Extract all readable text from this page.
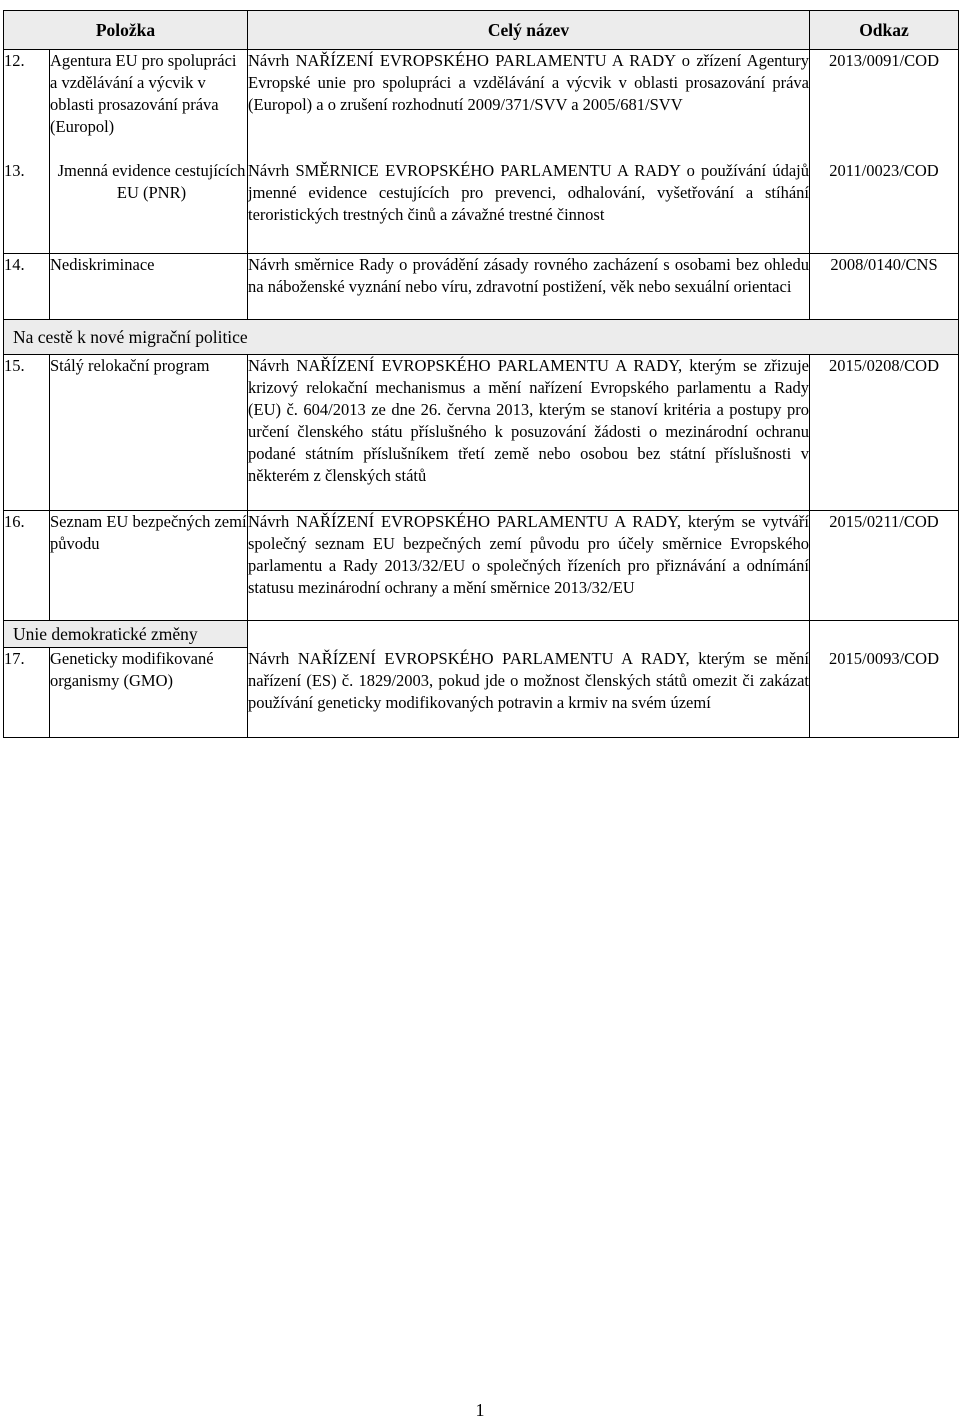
Položka		Celý název	Odkaz
12.	Agentura EU pro spolupráci a vzdělávání a výcvik v oblasti prosazování práva (Europol)	Návrh NAŘÍZENÍ EVROPSKÉHO PARLAMENTU A RADY o zřízení Agentury Evropské unie pro spolupráci a vzdělávání a výcvik v oblasti prosazování práva (Europol) a o zrušení rozhodnutí 2009/371/SVV a 2005/681/SVV	2013/0091/COD
13.	Jmenná evidence cestujících EU (PNR)	Návrh SMĚRNICE EVROPSKÉHO PARLAMENTU A RADY o používání údajů jmenné evidence cestujících pro prevenci, odhalování, vyšetřování a stíhání teroristických trestných činů a závažné trestné činnost	2011/0023/COD
14.	Nediskriminace	Návrh směrnice Rady o provádění zásady rovného zacházení s osobami bez ohledu na náboženské vyznání nebo víru, zdravotní postižení, věk nebo sexuální orientaci	2008/0140/CNS
Na cestě k nové migrační politice			
15.	Stálý relokační program	Návrh NAŘÍZENÍ EVROPSKÉHO PARLAMENTU A RADY, kterým se zřizuje krizový relokační mechanismus a mění nařízení Evropského parlamentu a Rady (EU) č. 604/2013 ze dne 26. června 2013, kterým se stanoví kritéria a postupy pro určení členského státu příslušného k posuzování žádosti o mezinárodní ochranu podané státním příslušníkem třetí země nebo osobou bez státní příslušnosti v některém z členských států	2015/0208/COD
16.	Seznam EU bezpečných zemí původu	Návrh NAŘÍZENÍ EVROPSKÉHO PARLAMENTU A RADY, kterým se vytváří společný seznam EU bezpečných zemí původu pro účely směrnice Evropského parlamentu a Rady 2013/32/EU o společných řízeních pro přiznávání a odnímání statusu mezinárodní ochrany a mění směrnice 2013/32/EU	2015/0211/COD
Unie demokratické změny			
17.	Geneticky modifikované organismy (GMO)	Návrh NAŘÍZENÍ EVROPSKÉHO PARLAMENTU A RADY, kterým se mění nařízení (ES) č. 1829/2003, pokud jde o možnost členských států omezit či zakázat používání geneticky modifikovaných potravin a krmiv na svém území	2015/0093/COD
1
